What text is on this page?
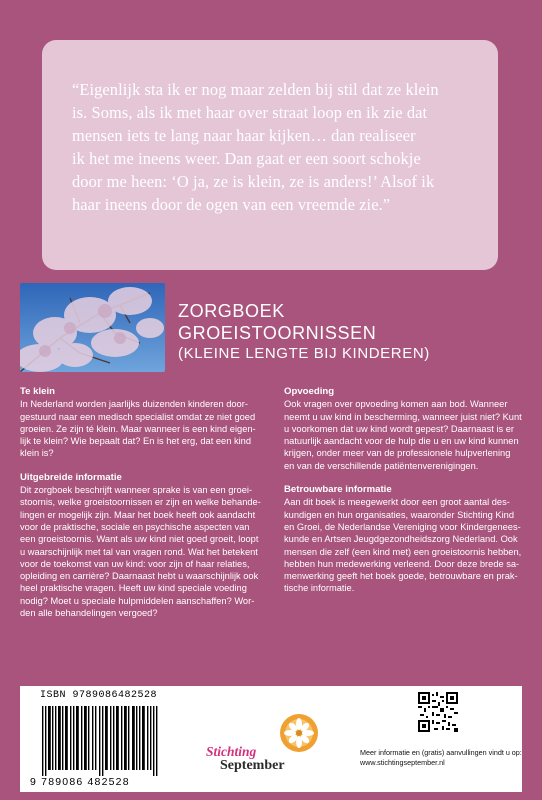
“Eigenlijk sta ik er nog maar zelden bij stil dat ze klein
is. Soms, als ik met haar over straat loop en ik zie dat
mensen iets te lang naar haar kijken… dan realiseer
ik het me ineens weer. Dan gaat er een soort schokje
door me heen: ‘O ja, ze is klein, ze is anders!’ Alsof ik
haar ineens door de ogen van een vreemde zie.”

ZORGBOEK
GROEISTOORNISSEN
(KLEINE LENGTE BIJ KINDEREN)

Te klein

In Nederland worden jaarlijks duizenden kinderen door-
gestuurd naar een medisch specialist omdat ze niet goed
groeien. Ze zijn té klein. Maar wanneer is een kind eigen-
lijk te klein? Wie bepaalt dat? En is het erg, dat een kind
klein is?

Uitgebreide informatie

Dit zorgboek beschrijft wanneer sprake is van een groei-
stoornis, welke groeistoornissen er zijn en welke behande-
lingen er mogelijk zijn. Maar het boek heeft ook aandacht
voor de praktische, sociale en psychische aspecten van
een groeistoornis. Want als uw kind niet goed groeit, loopt
u waarschijnlijk met tal van vragen rond. Wat het betekent
voor de toekomst van uw kind: voor zijn of haar relaties,
opleiding en carrière? Daarnaast hebt u waarschijnlijk ook
heel praktische vragen. Heeft uw kind speciale voeding
nodig? Moet u speciale hulpmiddelen aanschaffen? Wor-
den alle behandelingen vergoed?

Opvoeding

Ook vragen over opvoeding komen aan bod. Wanneer
neemt u uw kind in bescherming, wanneer juist niet? Kunt
u voorkomen dat uw kind wordt gepest? Daarnaast is er
natuurlijk aandacht voor de hulp die u en uw kind kunnen
krijgen, onder meer van de professionele hulpverlening
en van de verschillende patiëntenverenigingen.

Betrouwbare informatie

Aan dit boek is meegewerkt door een groot aantal des-
kundigen en hun organisaties, waaronder Stichting Kind
en Groei, de Nederlandse Vereniging voor Kindergenees-
kunde en Artsen Jeugdgezondheidszorg Nederland. Ook
mensen die zelf (een kind met) een groeistoornis hebben,
hebben hun medewerking verleend. Door deze brede sa-
menwerking geeft het boek goede, betrouwbare en prak-
tische informatie.
ISBN 9789086482528
9 789086 482528
Stichting
September
Meer informatie en (gratis) aanvullingen vindt u op:
www.stichtingseptember.nl
